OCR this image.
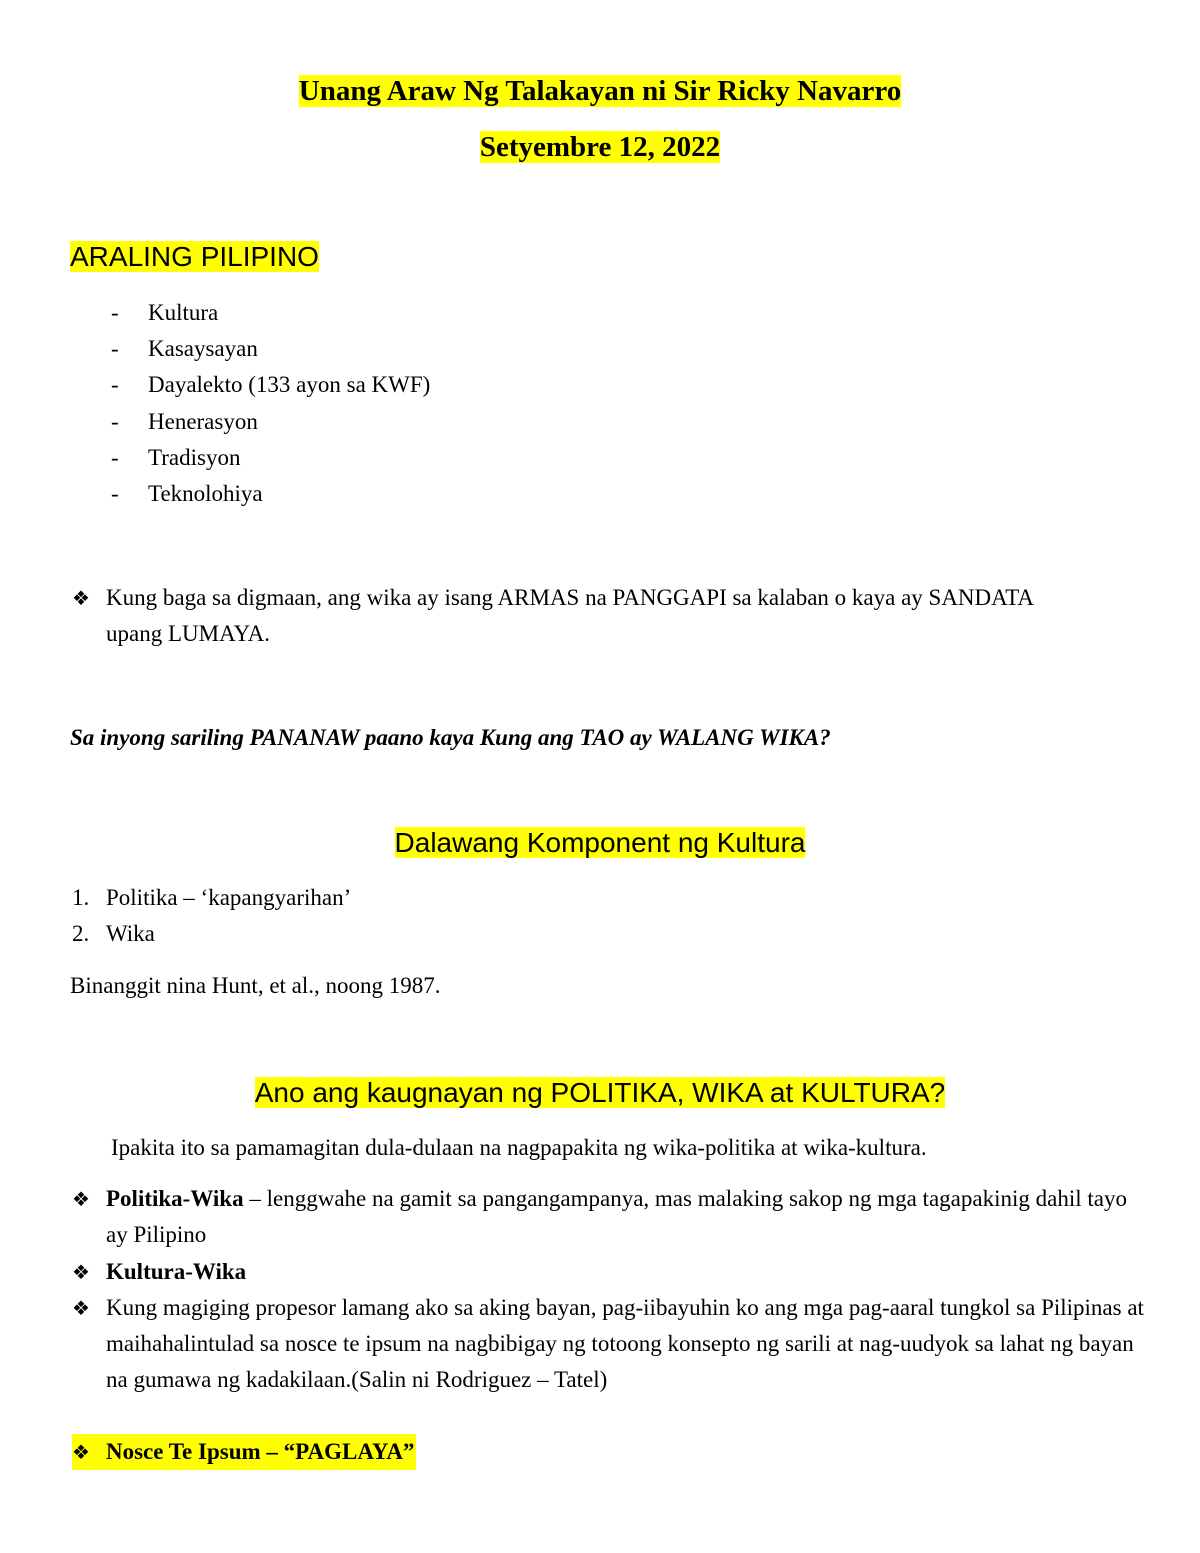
Unang Araw Ng Talakayan ni Sir Ricky Navarro
Setyembre 12, 2022
ARALING PILIPINO
-	Kultura
-	Kasaysayan
-	Dayalekto (133 ayon sa KWF)
-	Henerasyon
-	Tradisyon
-	Teknolohiya
❖ Kung baga sa digmaan, ang wika ay isang ARMAS na PANGGAPI sa kalaban o kaya ay SANDATA upang LUMAYA.
Sa inyong sariling PANANAW paano kaya Kung ang TAO ay WALANG WIKA?
Dalawang Komponent ng Kultura
1. Politika – ‘kapangyarihan’
2. Wika
Binanggit nina Hunt, et al., noong 1987.
Ano ang kaugnayan ng POLITIKA, WIKA at KULTURA?
Ipakita ito sa pamamagitan dula-dulaan na nagpapakita ng wika-politika at wika-kultura.
❖ Politika-Wika – lenggwahe na gamit sa pangangampanya, mas malaking sakop ng mga tagapakinig dahil tayo ay Pilipino
❖ Kultura-Wika
❖ Kung magiging propesor lamang ako sa aking bayan, pag-iibayuhin ko ang mga pag-aaral tungkol sa Pilipinas at maihahalintulad sa nosce te ipsum na nagbibigay ng totoong konsepto ng sarili at nag-uudyok sa lahat ng bayan na gumawa ng kadakilaan.(Salin ni Rodriguez – Tatel)
❖ Nosce Te Ipsum – “PAGLAYA”
